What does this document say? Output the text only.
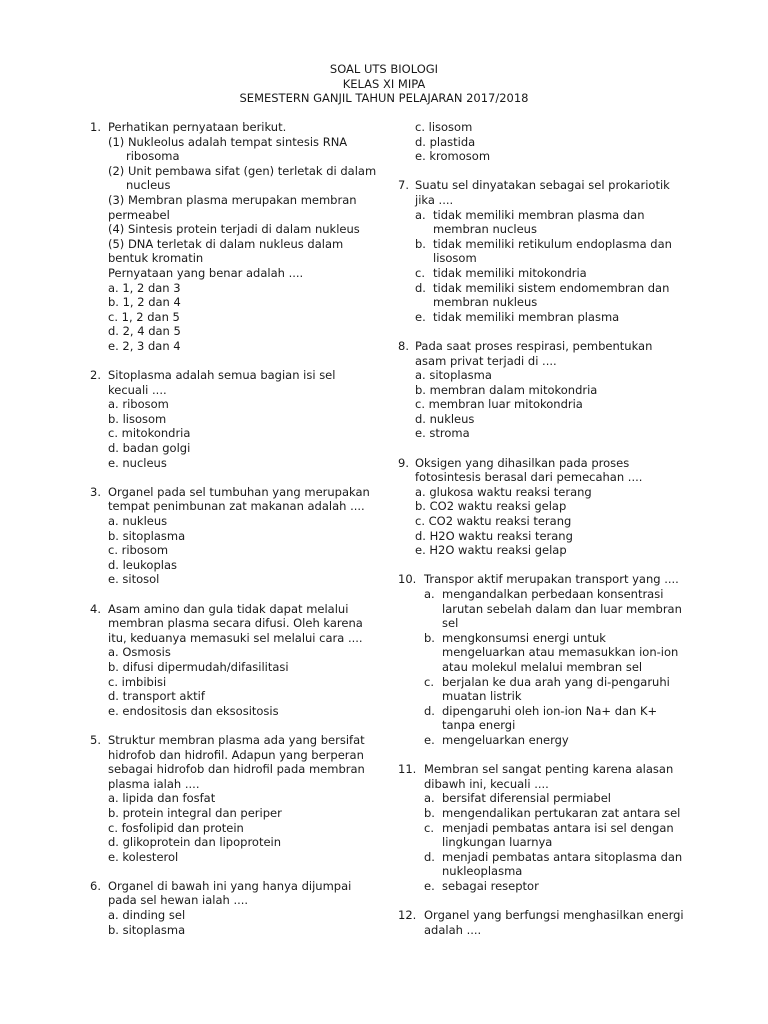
SOAL UTS BIOLOGI
KELAS XI MIPA
SEMESTERN GANJIL TAHUN PELAJARAN 2017/2018
1. Perhatikan pernyataan berikut.
(1) Nukleolus adalah tempat sintesis RNA
ribosoma
(2) Unit pembawa sifat (gen) terletak di dalam
nucleus
(3) Membran plasma merupakan membran
permeabel
(4) Sintesis protein terjadi di dalam nukleus
(5) DNA terletak di dalam nukleus dalam
bentuk kromatin
Pernyataan yang benar adalah ....
a. 1, 2 dan 3
b. 1, 2 dan 4
c. 1, 2 dan 5
d. 2, 4 dan 5
e. 2, 3 dan 4
2. Sitoplasma adalah semua bagian isi sel
kecuali ....
a. ribosom
b. lisosom
c. mitokondria
d. badan golgi
e. nucleus
3. Organel pada sel tumbuhan yang merupakan
tempat penimbunan zat makanan adalah ....
a. nukleus
b. sitoplasma
c. ribosom
d. leukoplas
e. sitosol
4. Asam amino dan gula tidak dapat melalui
membran plasma secara difusi. Oleh karena
itu, keduanya memasuki sel melalui cara ....
a. Osmosis
b. difusi dipermudah/difasilitasi
c. imbibisi
d. transport aktif
e. endositosis dan eksositosis
5. Struktur membran plasma ada yang bersifat
hidrofob dan hidrofil. Adapun yang berperan
sebagai hidrofob dan hidrofil pada membran
plasma ialah ....
a. lipida dan fosfat
b. protein integral dan periper
c. fosfolipid dan protein
d. glikoprotein dan lipoprotein
e. kolesterol
6. Organel di bawah ini yang hanya dijumpai
pada sel hewan ialah ....
a. dinding sel
b. sitoplasma
c. lisosom
d. plastida
e. kromosom
7. Suatu sel dinyatakan sebagai sel prokariotik
jika ....
a. tidak memiliki membran plasma dan
membran nucleus
b. tidak memiliki retikulum endoplasma dan
lisosom
c. tidak memiliki mitokondria
d. tidak memiliki sistem endomembran dan
membran nukleus
e. tidak memiliki membran plasma
8. Pada saat proses respirasi, pembentukan
asam privat terjadi di ....
a. sitoplasma
b. membran dalam mitokondria
c. membran luar mitokondria
d. nukleus
e. stroma
9. Oksigen yang dihasilkan pada proses
fotosintesis berasal dari pemecahan ....
a. glukosa waktu reaksi terang
b. CO2 waktu reaksi gelap
c. CO2 waktu reaksi terang
d. H2O waktu reaksi terang
e. H2O waktu reaksi gelap
10. Transpor aktif merupakan transport yang ....
a. mengandalkan perbedaan konsentrasi
larutan sebelah dalam dan luar membran
sel
b. mengkonsumsi energi untuk
mengeluarkan atau memasukkan ion-ion
atau molekul melalui membran sel
c. berjalan ke dua arah yang di-pengaruhi
muatan listrik
d. dipengaruhi oleh ion-ion Na+ dan K+
tanpa energi
e. mengeluarkan energy
11. Membran sel sangat penting karena alasan
dibawh ini, kecuali ....
a. bersifat diferensial permiabel
b. mengendalikan pertukaran zat antara sel
c. menjadi pembatas antara isi sel dengan
lingkungan luarnya
d. menjadi pembatas antara sitoplasma dan
nukleoplasma
e. sebagai reseptor
12. Organel yang berfungsi menghasilkan energi
adalah ....
